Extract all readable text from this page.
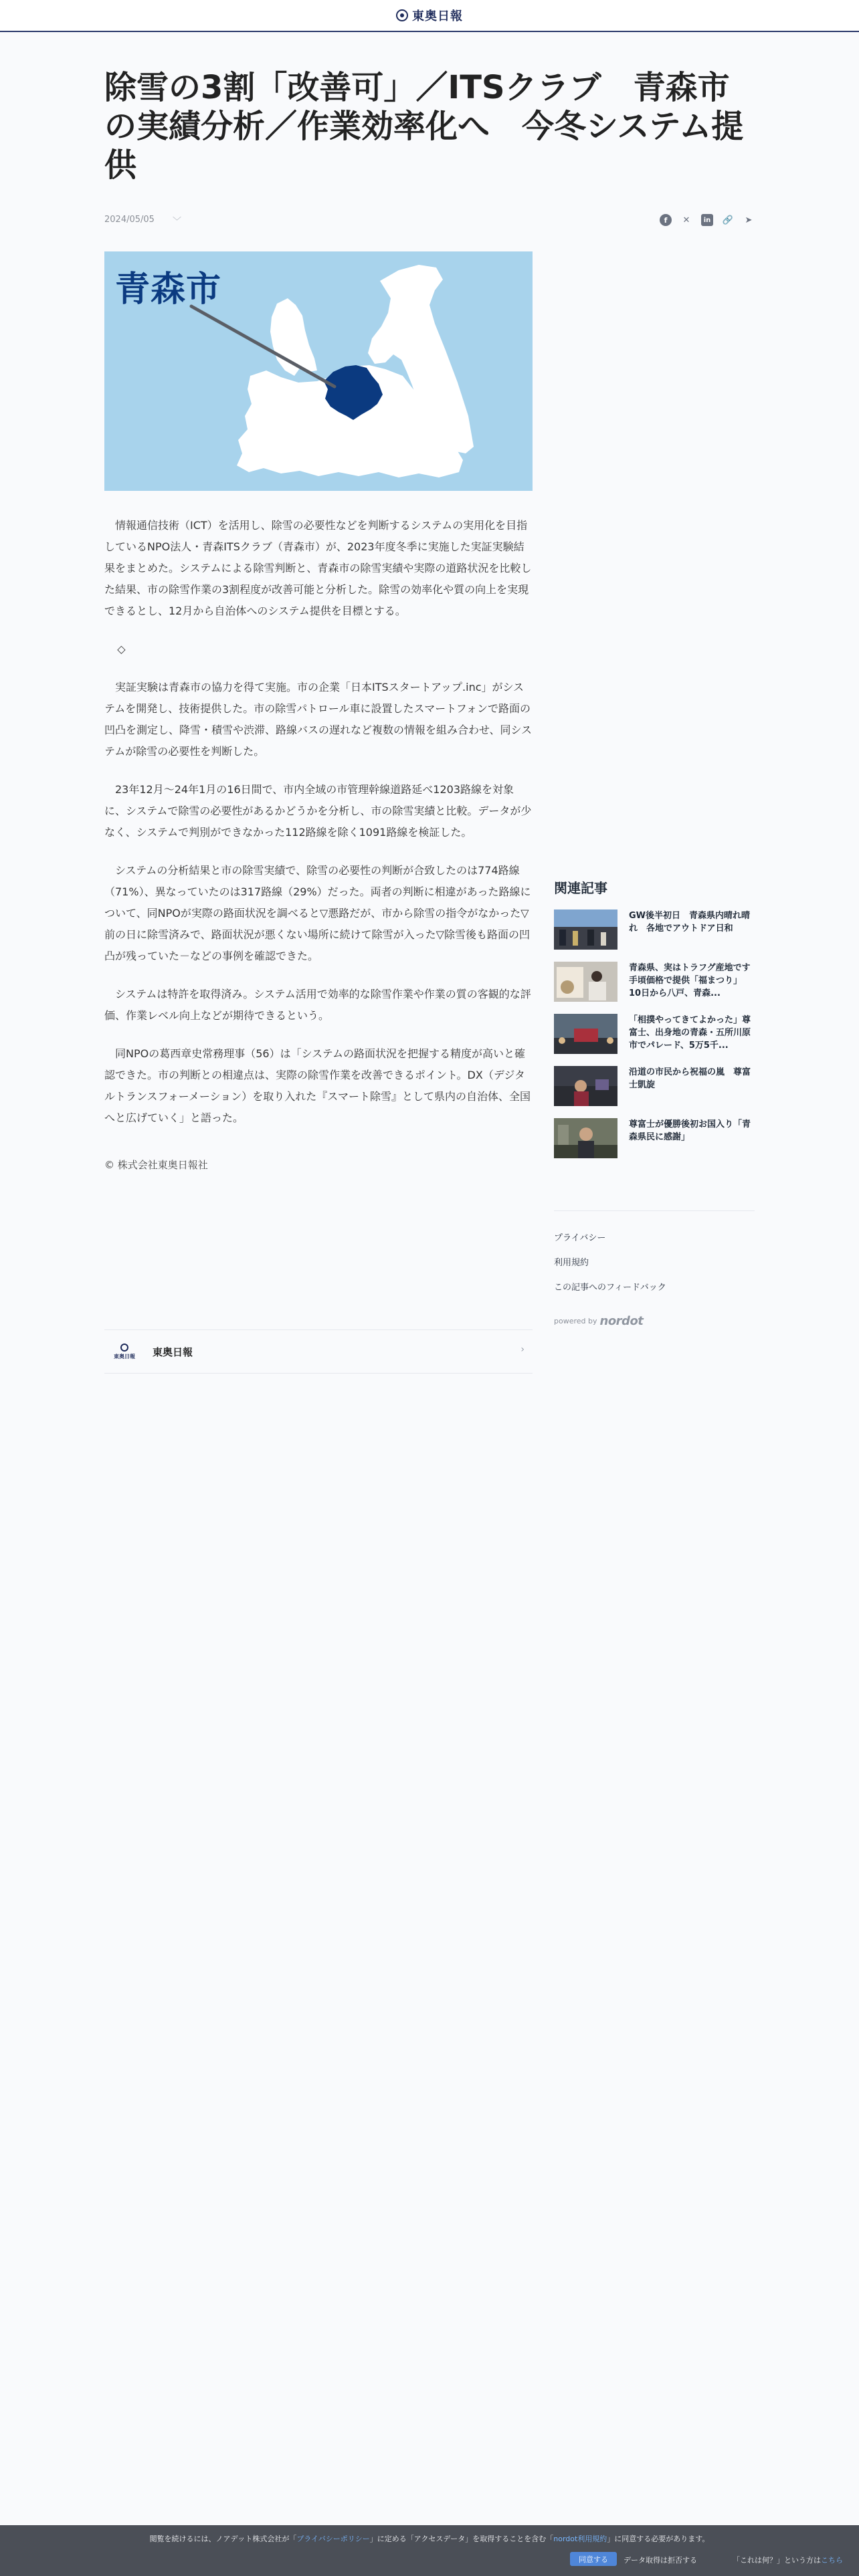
東奥日報
除雪の3割「改善可」／ITSクラブ　青森市の実績分析／作業効率化へ　今冬システム提供
2024/05/05 ﹀	f	✕	in 🔗 ➤
青森市

情報通信技術（ICT）を活用し、除雪の必要性などを判断するシステムの実用化を目指しているNPO法人・青森ITSクラブ（青森市）が、2023年度冬季に実施した実証実験結果をまとめた。システムによる除雪判断と、青森市の除雪実績や実際の道路状況を比較した結果、市の除雪作業の3割程度が改善可能と分析した。除雪の効率化や質の向上を実現できるとし、12月から自治体へのシステム提供を目標とする。

◇

実証実験は青森市の協力を得て実施。市の企業「日本ITSスタートアップ.inc」がシステムを開発し、技術提供した。市の除雪パトロール車に設置したスマートフォンで路面の凹凸を測定し、降雪・積雪や渋滞、路線バスの遅れなど複数の情報を組み合わせ、同システムが除雪の必要性を判断した。

23年12月〜24年1月の16日間で、市内全域の市管理幹線道路延べ1203路線を対象に、システムで除雪の必要性があるかどうかを分析し、市の除雪実績と比較。データが少なく、システムで判別ができなかった112路線を除く1091路線を検証した。

システムの分析結果と市の除雪実績で、除雪の必要性の判断が合致したのは774路線（71%）、異なっていたのは317路線（29%）だった。両者の判断に相違があった路線について、同NPOが実際の路面状況を調べると▽悪路だが、市から除雪の指令がなかった▽前の日に除雪済みで、路面状況が悪くない場所に続けて除雪が入った▽除雪後も路面の凹凸が残っていた－などの事例を確認できた。

システムは特許を取得済み。システム活用で効率的な除雪作業や作業の質の客観的な評価、作業レベル向上などが期待できるという。

同NPOの葛西章史常務理事（56）は「システムの路面状況を把握する精度が高いと確認できた。市の判断との相違点は、実際の除雪作業を改善できるポイント。DX（デジタルトランスフォーメーション）を取り入れた『スマート除雪』として県内の自治体、全国へと広げていく」と語った。

© 株式会社東奥日報社
東奥日報 東奥日報	›
関連記事
GW後半初日　青森県内晴れ晴れ　各地でアウトドア日和
青森県、実はトラフグ産地です　手頃価格で提供「福まつり」 10日から八戸、青森...
「相撲やってきてよかった」尊富士、出身地の青森・五所川原市でパレード、5万5千...
沿道の市民から祝福の嵐　尊富士凱旋
尊富士が優勝後初お国入り「青森県民に感謝」
プライバシー
利用規約
この記事へのフィードバック
powered by nordot
閲覧を続けるには、ノアデット株式会社が「プライバシーポリシー」に定める「アクセスデータ」を取得することを含む「nordot利用規約」に同意する必要があります。
同意する	データ取得は拒否する	「これは何？」という方はこちら
